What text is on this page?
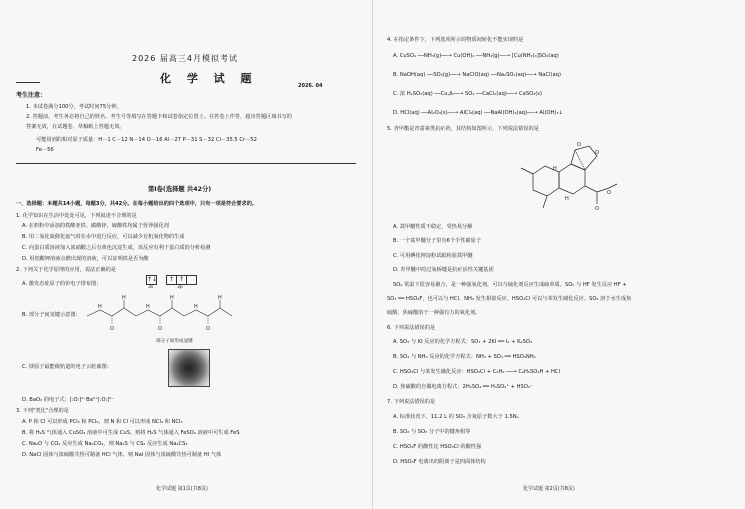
2026 届高三4月模拟考试
化 学 试 题
2026. 04
考生注意：
1. 本试卷满分100分，考试时间75分钟。
2. 答题前，考生务必将自己的姓名、考生号等填写在答题卡和试卷指定位置上。在答卷上作答，超出答题区域书写的
答案无效，在试题卷、草稿纸上答题无效。
可能用到的相对原子质量：H－1 C－12 N－14 O－16 Al－27 P－31 S－32 Cl－35.5 Cr－52
Fe－56
第Ⅰ卷(选择题 共42分)
一、选择题：本题共14小题，每题3分，共42分。在每小题给出的四个选项中，只有一项是符合要求的。
1. 化学知识在生活中处处可见，下列叙述不合理的是
A. 在奶粉中添加的铁酸亚铁、碳酸锌，硫酸铁均属于营养强化剂
B. 用二氧化氮催化氨气时在水中进行反应，可以减少有机氧化物的生成
C. 向蛋白质溶液加入浓硝酸之后有黄色沉淀生成，该反应有利于蛋白质的分析检测
D. 用铝酸钾溶液点燃出现的溶液，可以证明铁是否为酸
2. 下列关于化学原理的应用，说法正确的是
A. 激发态硅原子的价电子排布图：
↑↓	↑ ↑
3s	3p
B. 部分子间氢键示意图：
H	H	H
O	O	O
H	H	H
部分子间形成氢键
C. 镁原子最能级轨道的电子云轮廓图：
D. BaO₂ 的电子式：[:O:]²⁻Ba²⁺[:O:]²⁻
3. 下列"类比"合理的是
A. P 和 Cl 可以形成 PCl₃ 和 PCl₅，则 N 和 Cl 可以形成 NCl₃ 和 NCl₅
B. 将 H₂S 气体通入 CuSO₄ 溶液中可生成 CuS，则将 H₂S 气体通入 FeSO₄ 溶液中可生成 FeS
C. Na₂O 与 CO₂ 反应生成 Na₂CO₃，则 Na₂S 与 CS₂ 反应生成 Na₂CS₃
D. NaCl 固体与浓硫酸共热可制备 HCl 气体，则 NaI 固体与浓硫酸共热可制备 HI 气体
化学试题 第1页(共8页)
4. 在指定条件下，下列选项所示的物质间转化不能实现的是
A. CuSO₄ ──NH₃(g)──→ Cu(OH)₂ ──NH₃(g)──→ [Cu(NH₃)₄]SO₄(aq)
B. NaOH(aq) ──SO₂(g)──→ NaClO(aq) ──Na₂SO₃(aq)──→ NaCl(aq)
C. 浓 H₂SO₄(aq) ──Cu,Δ──→ SO₂ ──CaCl₂(aq)──→ CaSO₃(s)
D. HCl(aq) ──Al₂O₃(s)──→ AlCl₃(aq) ──NaAl(OH)₄(aq)──→ Al(OH)₃↓
5. 青甲酯是青蒿素类抗疟药，其结构如图所示，下列说法错误的是
O
O
O
O
H
H
A. 蒿甲醚性质不稳定，受热易分解
B. 一个蒿甲醚分子里有6个手性碳原子
C. 可用碘化钾淀粉试纸检验蒿甲醚
D. 青甲醚中的过氧桥键是抗疟活性关键基团
SO₂ 常温下很容易聚合，是一种强氧化剂，可以与硫化剂反应生成硫单质。SO₂ 与 HF 发生反应 HF +
SO₃ ══ HSO₃F，也可以与 HCl、NH₃ 发生相似反应。HSO₃Cl 可以与苯发生磺化反应。SO₂ 溶于水生成焦
硫酸，焦硫酸溶于一种强有力的氧化剂。
6. 下列说法错误的是
A. SO₃ 与 KI 反应的化学方程式：SO₃ + 2KI ══ I₂ + K₂SO₃
B. SO₃ 与 NH₃ 反应的化学方程式：NH₃ + SO₃ ══ HSO₃NH₂
C. HSO₃Cl 与苯发生磺化反应：HSO₃Cl + C₆H₆ ──→ C₆H₅SO₃H + HCl
D. 焦硫酸的自偶电离方程式：2H₂SO₄ ══ H₃SO₄⁺ + HSO₄⁻
7. 下列说法错误的是
A. 标准状况下，11.2 L 的 SO₃ 含氧原子数大于 1.5Nₐ
B. SO₂ 与 SO₃ 分子中的键角相等
C. HSO₃F 的酸性比 HSO₃Cl 的酸性强
D. HSO₃F 电离出的阴离子是四面体结构
化学试题 第2页(共8页)
